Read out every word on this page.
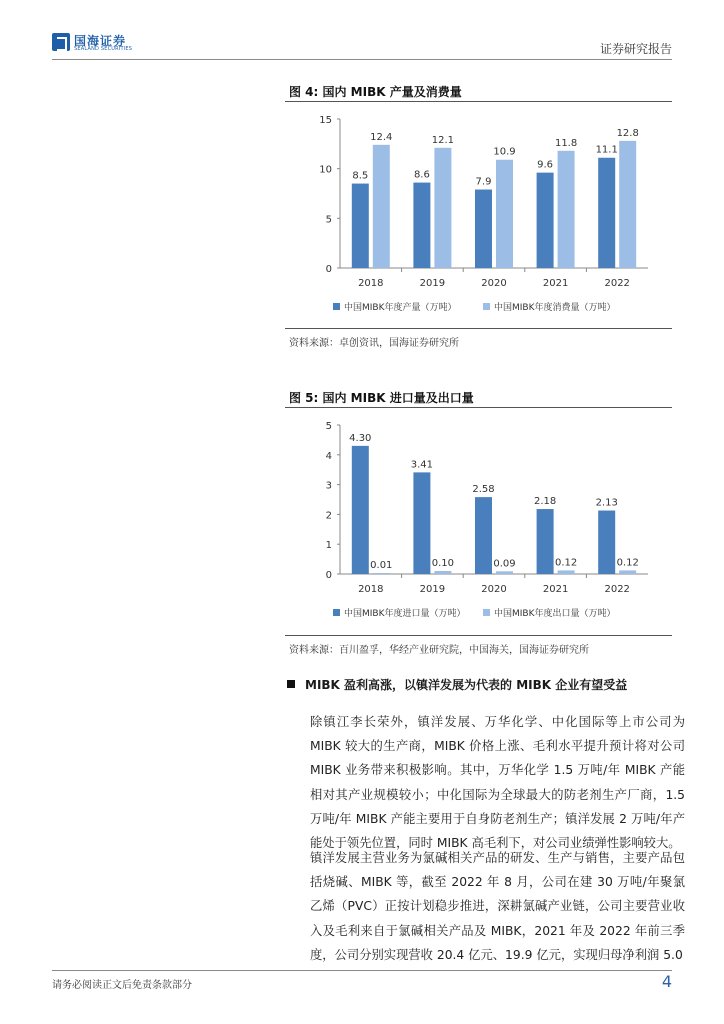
国海证券
SEALAND SECURITIES	证券研究报告
图 4: 国内 MIBK 产量及消费量
0
5
10
15
2018
8.5
12.4
2019
8.6
12.1
2020
7.9
10.9
2021
9.6
11.8
2022
11.1
12.8
中国MIBK年度产量（万吨）	中国MIBK年度消费量（万吨）
资料来源：卓创资讯，国海证券研究所
图 5: 国内 MIBK 进口量及出口量
0
1
2
3
4
5
2018
4.30
0.01
2019
3.41
0.10
2020
2.58
0.09
2021
2.18
0.12
2022
2.13
0.12
中国MIBK年度进口量（万吨）	中国MIBK年度出口量（万吨）
资料来源：百川盈孚，华经产业研究院，中国海关，国海证券研究所
MIBK 盈利高涨，以镇洋发展为代表的 MIBK 企业有望受益
除镇江李长荣外，镇洋发展、万华化学、中化国际等上市公司为 MIBK 较大的生产商，MIBK 价格上涨、毛利水平提升预计将对公司 MIBK 业务带来积极影响。其中，万华化学 1.5 万吨/年 MIBK 产能相对其产业规模较小；中化国际为全球最大的防老剂生产厂商，1.5 万吨/年 MIBK 产能主要用于自身防老剂生产；镇洋发展 2 万吨/年产能处于领先位置，同时 MIBK 高毛利下，对公司业绩弹性影响较大。
镇洋发展主营业务为氯碱相关产品的研发、生产与销售，主要产品包括烧碱、MIBK 等，截至 2022 年 8 月，公司在建 30 万吨/年聚氯乙烯（PVC）正按计划稳步推进，深耕氯碱产业链，公司主要营业收入及毛利来自于氯碱相关产品及 MIBK，2021 年及 2022 年前三季度，公司分别实现营收 20.4 亿元、19.9 亿元，实现归母净利润 5.0
请务必阅读正文后免责条款部分	4
